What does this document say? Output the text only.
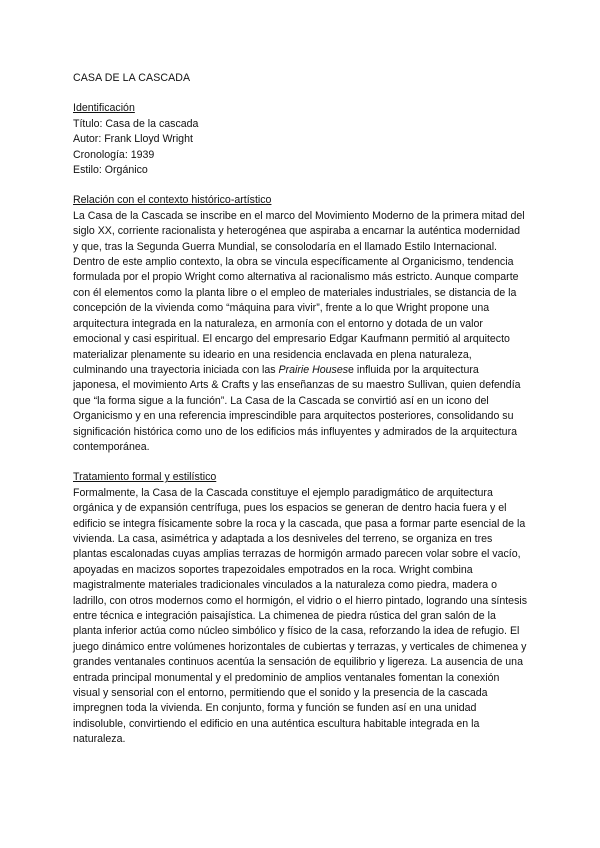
CASA DE LA CASCADA
Identificación

Título: Casa de la cascada

Autor: Frank Lloyd Wright

Cronología: 1939

Estilo: Orgánico

Relación con el contexto histórico-artístico

La Casa de la Cascada se inscribe en el marco del Movimiento Moderno de la primera mitad del siglo XX, corriente racionalista y heterogénea que aspiraba a encarnar la auténtica modernidad y que, tras la Segunda Guerra Mundial, se consolodaría en el llamado Estilo Internacional. Dentro de este amplio contexto, la obra se vincula específicamente al Organicismo, tendencia formulada por el propio Wright como alternativa al racionalismo más estricto. Aunque comparte con él elementos como la planta libre o el empleo de materiales industriales, se distancia de la concepción de la vivienda como “máquina para vivir”, frente a lo que Wright propone una arquitectura integrada en la naturaleza, en armonía con el entorno y dotada de un valor emocional y casi espiritual. El encargo del empresario Edgar Kaufmann permitió al arquitecto materializar plenamente su ideario en una residencia enclavada en plena naturaleza, culminando una trayectoria iniciada con las Prairie Housese influida por la arquitectura japonesa, el movimiento Arts & Crafts y las enseñanzas de su maestro Sullivan, quien defendía que “la forma sigue a la función”. La Casa de la Cascada se convirtió así en un icono del Organicismo y en una referencia imprescindible para arquitectos posteriores, consolidando su significación histórica como uno de los edificios más influyentes y admirados de la arquitectura contemporánea.

Tratamiento formal y estilístico

Formalmente, la Casa de la Cascada constituye el ejemplo paradigmático de arquitectura orgánica y de expansión centrífuga, pues los espacios se generan de dentro hacia fuera y el edificio se integra físicamente sobre la roca y la cascada, que pasa a formar parte esencial de la vivienda. La casa, asimétrica y adaptada a los desniveles del terreno, se organiza en tres plantas escalonadas cuyas amplias terrazas de hormigón armado parecen volar sobre el vacío, apoyadas en macizos soportes trapezoidales empotrados en la roca. Wright combina magistralmente materiales tradicionales vinculados a la naturaleza como piedra, madera o ladrillo, con otros modernos como el hormigón, el vidrio o el hierro pintado, logrando una síntesis entre técnica e integración paisajística. La chimenea de piedra rústica del gran salón de la planta inferior actúa como núcleo simbólico y físico de la casa, reforzando la idea de refugio. El juego dinámico entre volúmenes horizontales de cubiertas y terrazas, y verticales de chimenea y grandes ventanales continuos acentúa la sensación de equilibrio y ligereza. La ausencia de una entrada principal monumental y el predominio de amplios ventanales fomentan la conexión visual y sensorial con el entorno, permitiendo que el sonido y la presencia de la cascada impregnen toda la vivienda. En conjunto, forma y función se funden así en una unidad indisoluble, convirtiendo el edificio en una auténtica escultura habitable integrada en la naturaleza.
